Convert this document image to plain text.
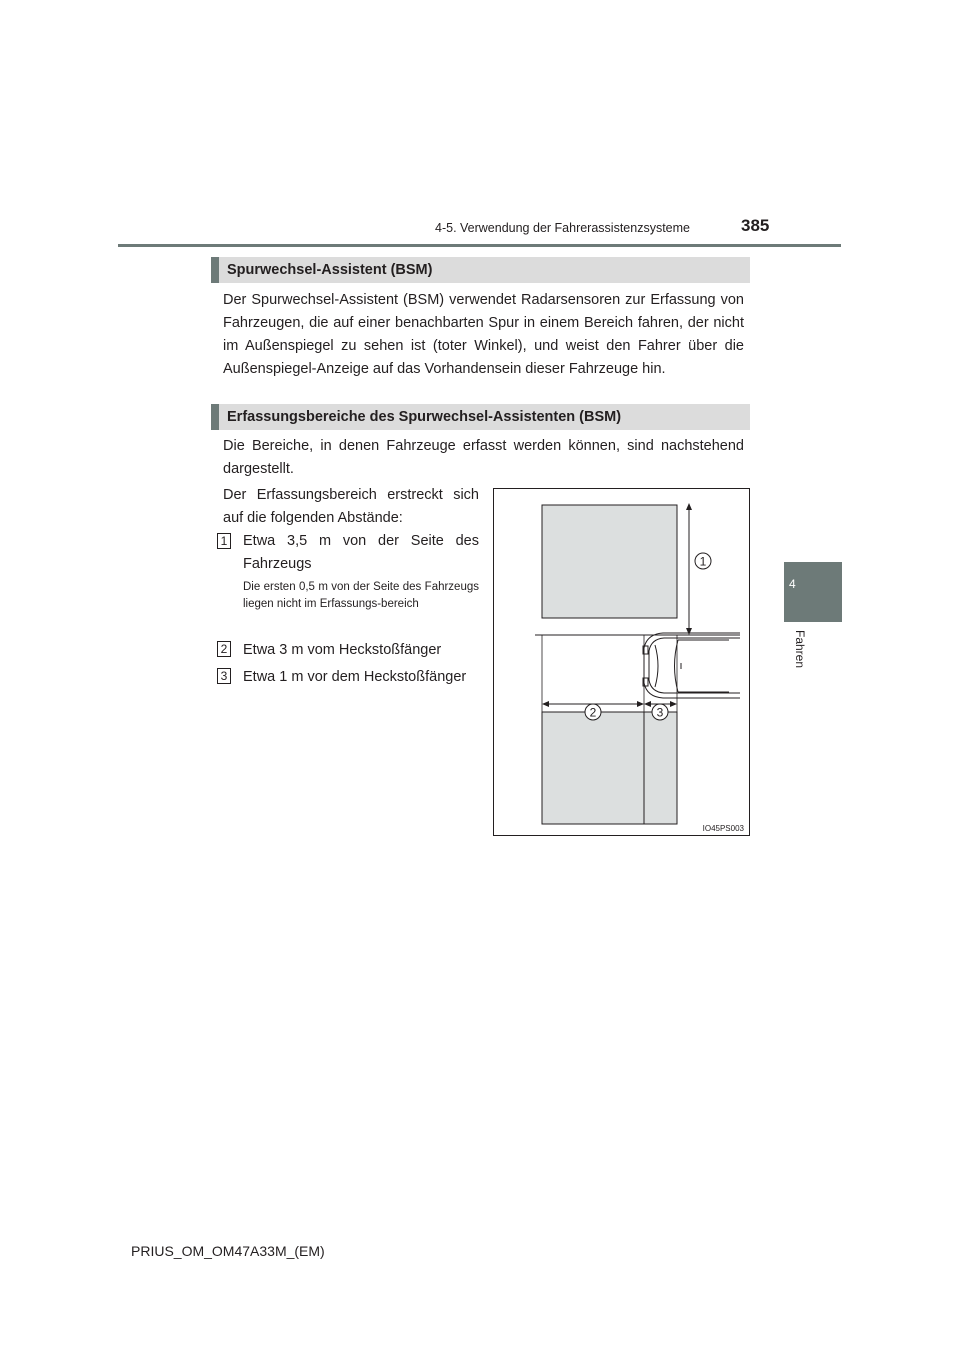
4-5. Verwendung der Fahrerassistenzsysteme	385
4
Fahren
Spurwechsel-Assistent (BSM)
Der Spurwechsel-Assistent (BSM) verwendet Radarsensoren zur Erfassung von Fahrzeugen, die auf einer benachbarten Spur in einem Bereich fahren, der nicht im Außenspiegel zu sehen ist (toter Winkel), und weist den Fahrer über die Außenspiegel-Anzeige auf das Vorhandensein dieser Fahrzeuge hin.
Erfassungsbereiche des Spurwechsel-Assistenten (BSM)
Die Bereiche, in denen Fahrzeuge erfasst werden können, sind nachstehend dargestellt.
Der Erfassungsbereich erstreckt sich auf die folgenden Abstände:
1 Etwa 3,5 m von der Seite des Fahrzeugs
Die ersten 0,5 m von der Seite des Fahrzeugs liegen nicht im Erfassungs-bereich
2 Etwa 3 m vom Heckstoßfänger
3 Etwa 1 m vor dem Heckstoßfänger
1
2	3
IO45PS003
PRIUS_OM_OM47A33M_(EM)
